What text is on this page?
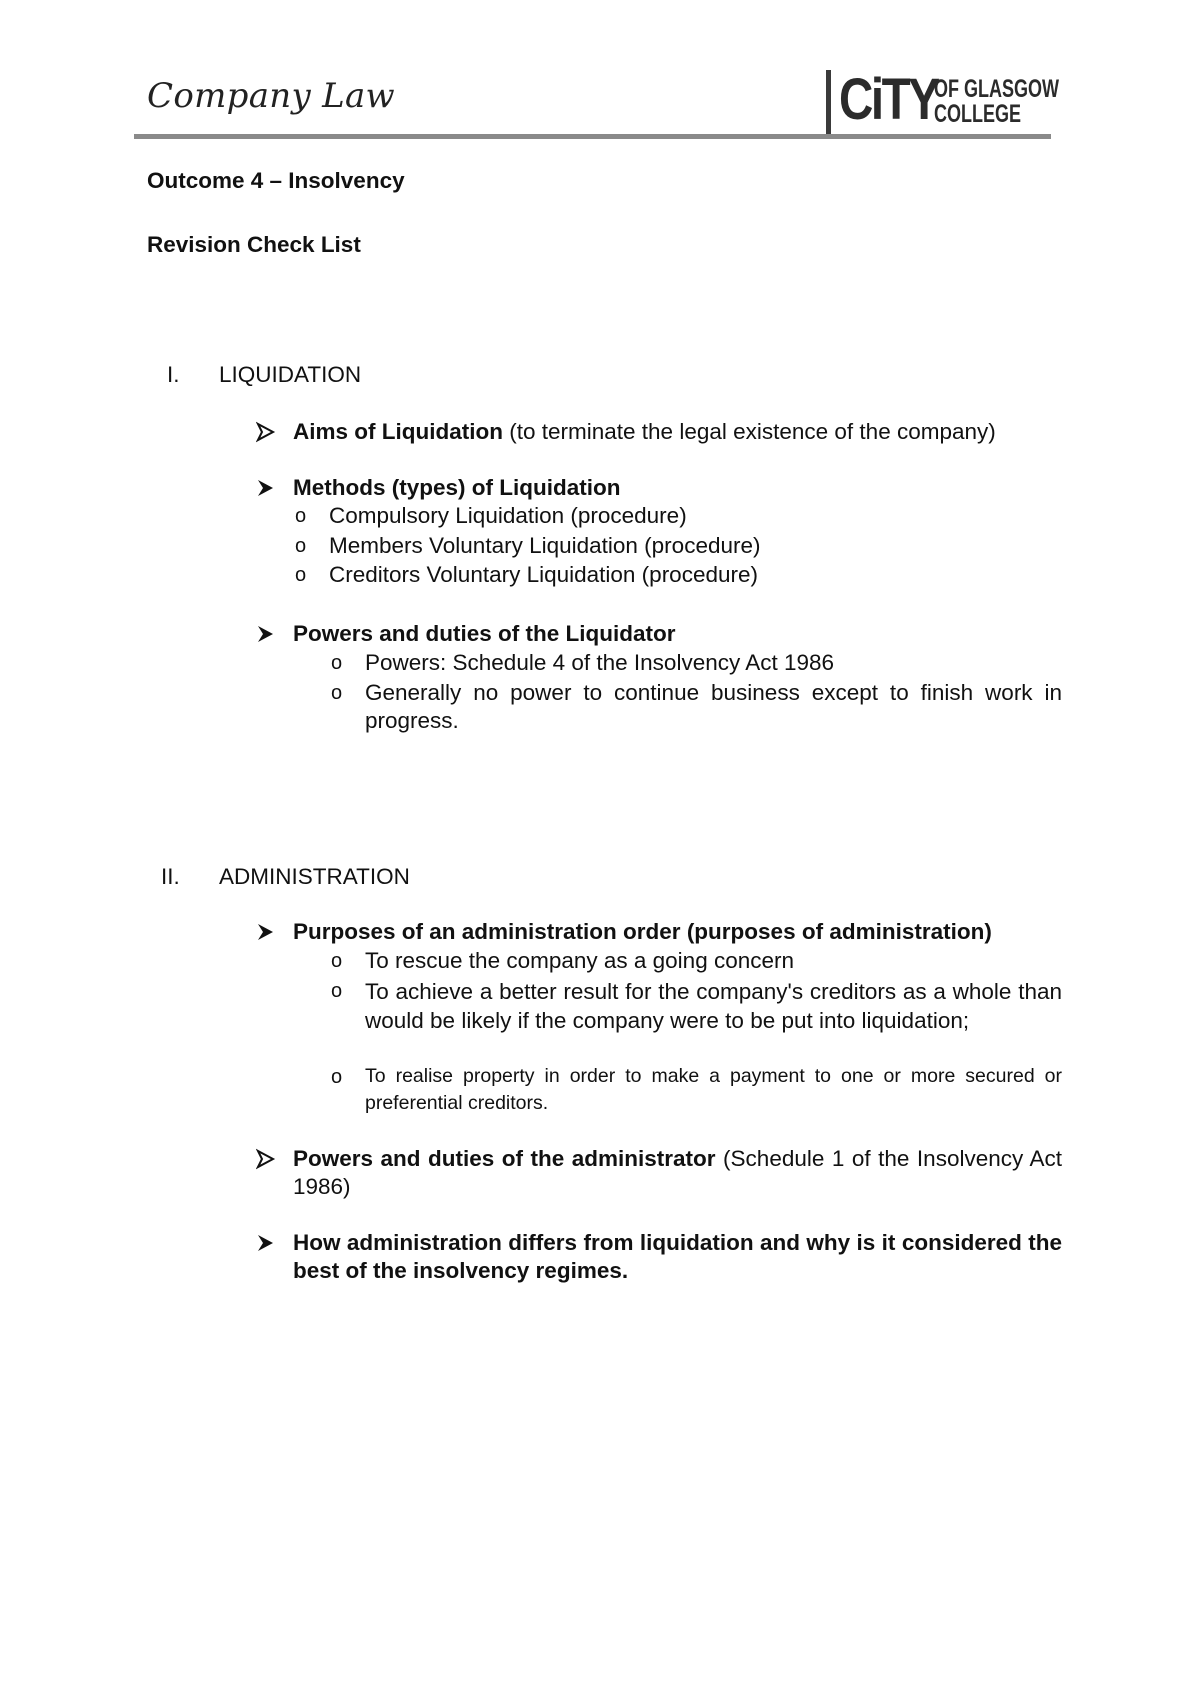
Company Law	CiTY
OF GLASGOW
COLLEGE
Outcome 4 – Insolvency
Revision Check List
I. LIQUIDATION
Aims of Liquidation (to terminate the legal existence of the company)
Methods (types) of Liquidation
o Compulsory Liquidation (procedure)
o Members Voluntary Liquidation (procedure)
o Creditors Voluntary Liquidation (procedure)
Powers and duties of the Liquidator
o Powers: Schedule 4 of the Insolvency Act 1986
o Generally no power to continue business except to finish work in progress.
II. ADMINISTRATION
Purposes of an administration order (purposes of administration)
o To rescue the company as a going concern
o To achieve a better result for the company's creditors as a whole than would be likely if the company were to be put into liquidation;
o To realise property in order to make a payment to one or more secured or preferential creditors.
Powers and duties of the administrator (Schedule 1 of the Insolvency Act 1986)
How administration differs from liquidation and why is it considered the best of the insolvency regimes.
